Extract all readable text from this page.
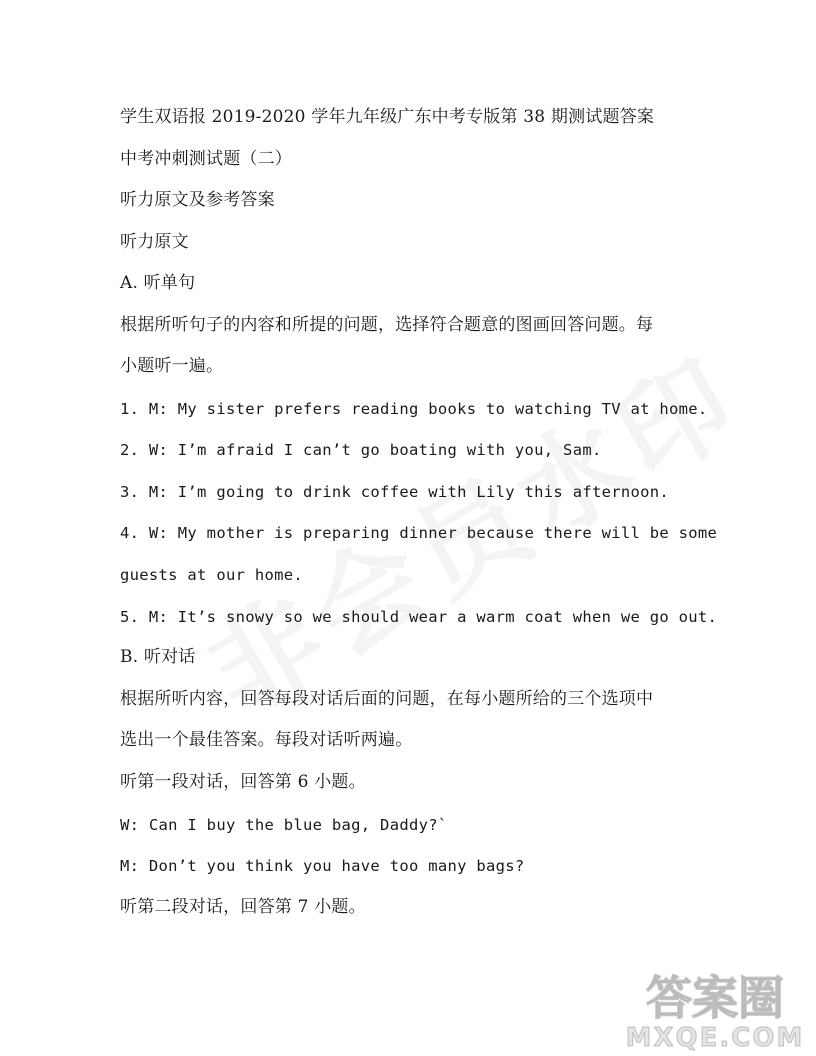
学生双语报 2019-2020 学年九年级广东中考专版第 38 期测试题答案
中考冲刺测试题（二）
听力原文及参考答案
听力原文
A. 听单句
根据所听句子的内容和所提的问题，选择符合题意的图画回答问题。每
小题听一遍。
1. M: My sister prefers reading books to watching TV at home.
2. W: I’m afraid I can’t go boating with you, Sam.
3. M: I’m going to drink coffee with Lily this afternoon.
4. W: My mother is preparing dinner because there will be some
guests at our home.
5. M: It’s snowy so we should wear a warm coat when we go out.
B. 听对话
根据所听内容，回答每段对话后面的问题，在每小题所给的三个选项中
选出一个最佳答案。每段对话听两遍。
听第一段对话，回答第 6 小题。
W: Can I buy the blue bag, Daddy?`
M: Don’t you think you have too many bags?
听第二段对话，回答第 7 小题。
答案圈
MXQE.COM
